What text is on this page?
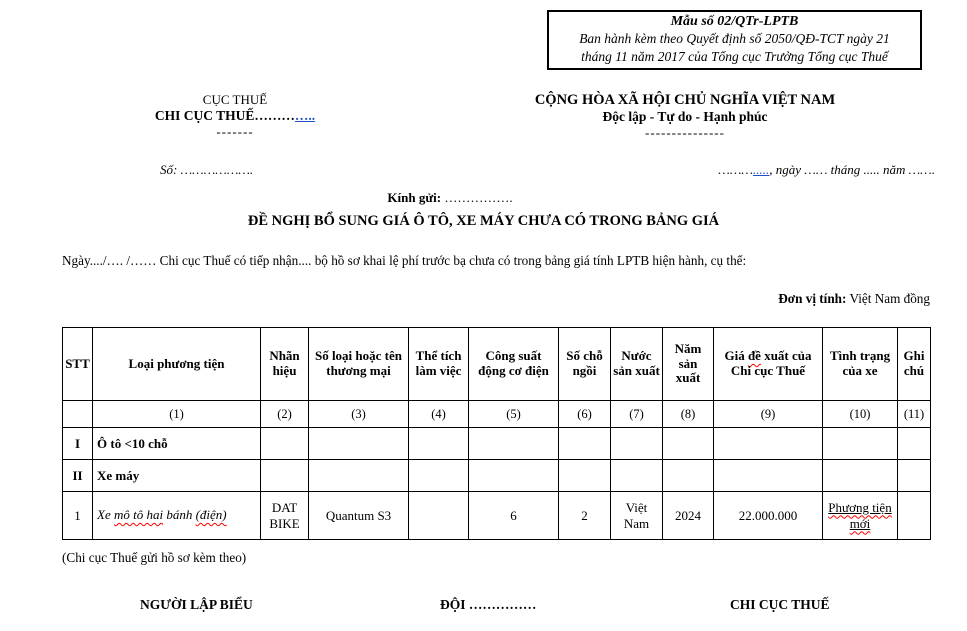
Mẫu số 02/QTr-LPTB
Ban hành kèm theo Quyết định số 2050/QĐ-TCT ngày 21
tháng 11 năm 2017 của Tổng cục Trưởng Tổng cục Thuế
CỤC THUẾ
CHI CỤC THUẾ…………..
-------
CỘNG HÒA XÃ HỘI CHỦ NGHĨA VIỆT NAM
Độc lập - Tự do - Hạnh phúc
---------------
Số: ……………….	………....., ngày …… tháng ..... năm …….
Kính gửi: …………….
ĐỀ NGHỊ BỔ SUNG GIÁ Ô TÔ, XE MÁY CHƯA CÓ TRONG BẢNG GIÁ
Ngày..../…. /…… Chi cục Thuế có tiếp nhận.... bộ hồ sơ khai lệ phí trước bạ chưa có trong bảng giá tính LPTB hiện hành, cụ thể:
Đơn vị tính: Việt Nam đồng
STT	Loại phương tiện	Nhãn hiệu	Số loại hoặc tên thương mại	Thể tích làm việc	Công suất động cơ điện	Số chỗ ngồi	Nước sản xuất	Năm sản xuất	Giá đề xuất của Chi cục Thuế	Tình trạng của xe	Ghi chú
	(1)	(2)	(3)	(4)	(5)	(6)	(7)	(8)	(9)	(10)	(11)
I	Ô tô <10 chỗ										
II	Xe máy										
1	Xe mô tô hai bánh (điện)	DAT BIKE	Quantum S3		6	2	Việt Nam	2024	22.000.000	Phương tiện mới	
(Chi cục Thuế gửi hồ sơ kèm theo)
NGƯỜI LẬP BIỂU	ĐỘI ……………	CHI CỤC THUẾ
